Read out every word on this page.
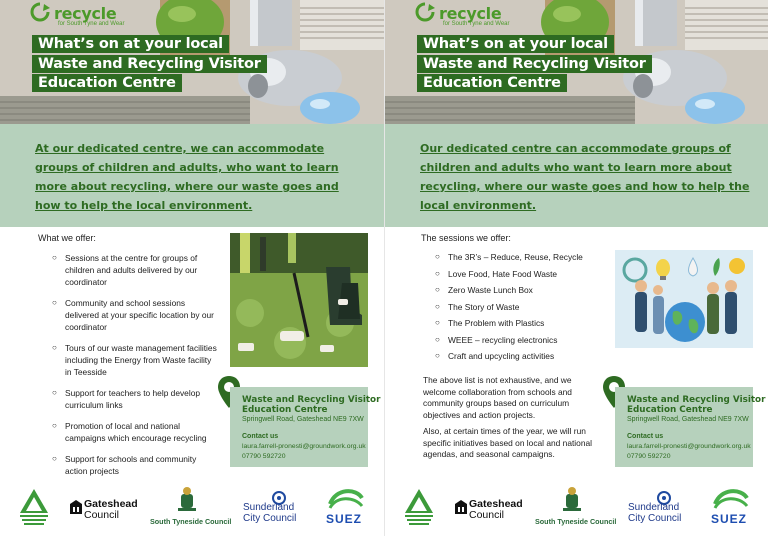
recycle
for South Tyne and Wear
What’s on at your local
Waste and Recycling Visitor
Education Centre

At our dedicated centre, we can accommodate groups of children and adults, who want to learn more about recycling, where our waste goes and how to help the local environment.

What we offer:
○ Sessions at the centre for groups of children and adults delivered by our coordinator
○ Community and school sessions delivered at your specific location by our coordinator
○ Tours of our waste management facilities including the Energy from Waste facility in Teesside
○ Support for teachers to help develop curriculum links
○ Promotion of local and national campaigns which encourage recycling
○ Support for schools and community action projects
Waste and Recycling Visitor Education Centre
Springwell Road, Gateshead NE9 7XW
Contact us
laura.farrell-pronesti@groundwork.org.uk
07790 592720
Gateshead
Council
South Tyneside Council
Sunderland
City Council SUEZ
recycle
for South Tyne and Wear
What’s on at your local
Waste and Recycling Visitor
Education Centre

Our dedicated centre can accommodate groups of children and adults who want to learn more about recycling, where our waste goes and how to help the local environment.

The sessions we offer:
○ The 3R’s – Reduce, Reuse, Recycle
○ Love Food, Hate Food Waste
○ Zero Waste Lunch Box
○ The Story of Waste
○ The Problem with Plastics
○ WEEE – recycling electronics
○ Craft and upcycling activities
The above list is not exhaustive, and we welcome collaboration from schools and community groups based on curriculum objectives and action projects.
Also, at certain times of the year, we will run specific initiatives based on local and national agendas, and seasonal campaigns.
Waste and Recycling Visitor Education Centre
Springwell Road, Gateshead NE9 7XW
Contact us
laura.farrell-pronesti@groundwork.org.uk
07790 592720
Gateshead
Council
South Tyneside Council
Sunderland
City Council SUEZ
